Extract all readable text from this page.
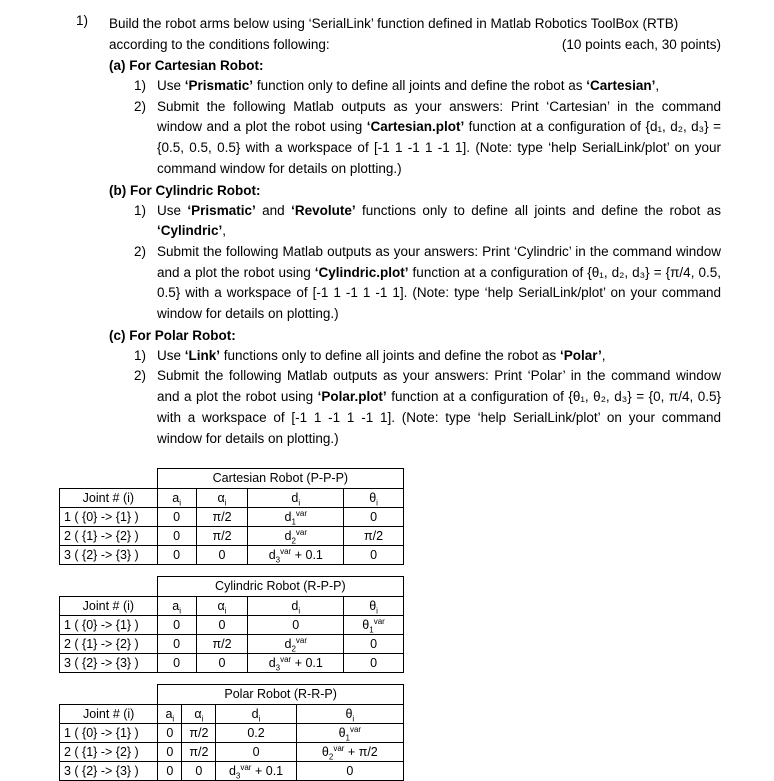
1) Build the robot arms below using ‘SerialLink’ function defined in Matlab Robotics ToolBox (RTB)
according to the conditions following:	(10 points each, 30 points)
(a) For Cartesian Robot:
1) Use ‘Prismatic’ function only to define all joints and define the robot as ‘Cartesian’,
2) Submit the following Matlab outputs as your answers: Print ‘Cartesian’ in the command window and a plot the robot using ‘Cartesian.plot’ function at a configuration of {d₁, d₂, d₃} = {0.5, 0.5, 0.5} with a workspace of [-1 1 -1 1 -1 1]. (Note: type ‘help SerialLink/plot’ on your command window for details on plotting.)
(b) For Cylindric Robot:
1) Use ‘Prismatic’ and ‘Revolute’ functions only to define all joints and define the robot as ‘Cylindric’,
2) Submit the following Matlab outputs as your answers: Print ‘Cylindric’ in the command window and a plot the robot using ‘Cylindric.plot’ function at a configuration of {θ₁, d₂, d₃} = {π/4, 0.5, 0.5} with a workspace of [-1 1 -1 1 -1 1]. (Note: type ‘help SerialLink/plot’ on your command window for details on plotting.)
(c) For Polar Robot:
1) Use ‘Link’ functions only to define all joints and define the robot as ‘Polar’,
2) Submit the following Matlab outputs as your answers: Print ‘Polar’ in the command window and a plot the robot using ‘Polar.plot’ function at a configuration of {θ₁, θ₂, d₃} = {0, π/4, 0.5} with a workspace of [-1 1 -1 1 -1 1]. (Note: type ‘help SerialLink/plot’ on your command window for details on plotting.)
	Cartesian Robot (P-P-P)			
Joint # (i)	$a_i$	$\alpha_i$	$d_i$	$\theta_i$
1 ( {0} -> {1} )	0	π/2	$d_1^{var}$	0
2 ( {1} -> {2} )	0	π/2	$d_2^{var}$	π/2
3 ( {2} -> {3} )	0	0	$d_3^{var} + 0.1$	0
	Cylindric Robot (R-P-P)			
Joint # (i)	$a_i$	$\alpha_i$	$d_i$	$\theta_i$
1 ( {0} -> {1} )	0	0	0	$\theta_1^{var}$
2 ( {1} -> {2} )	0	π/2	$d_2^{var}$	0
3 ( {2} -> {3} )	0	0	$d_3^{var} + 0.1$	0
	Polar Robot (R-R-P)			
Joint # (i)	$a_i$	$\alpha_i$	$d_i$	$\theta_i$
1 ( {0} -> {1} )	0	π/2	0.2	$\theta_1^{var}$
2 ( {1} -> {2} )	0	π/2	0	$\theta_2^{var} + \pi/2$
3 ( {2} -> {3} )	0	0	$d_3^{var} + 0.1$	0
